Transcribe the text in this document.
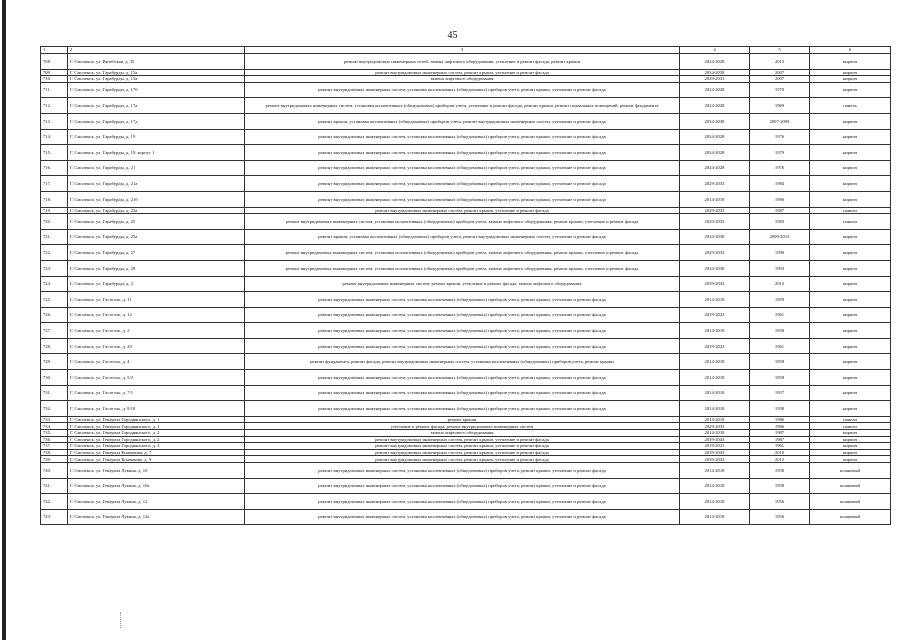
45
1	2	3	4	5	6
708.	Г. Смоленск, ул. Витебская, д. 35	ремонт внутридомовых инженерных сетей, замена лифтового оборудования, утепление и ремонт фасада, ремонт крыши	2024-2028	2013	кирпич
709.	Г. Смоленск, ул. Гарабурды, д. 15а	ремонт внутридомовых инженерных систем, ремонт крыши, утепление и ремонт фасада	2034-2038	2007	кирпич
710.	Г. Смоленск, ул. Гарабурды, д. 15а	замена лифтового оборудования	2029-2033	2007	кирпич
711.	Г. Смоленск, ул. Гарабурды, д. 17б	ремонт внутридомовых инженерных систем, установка коллективных (общедомовых) приборов учета, ремонт крыши, утепление и ремонт фасада	2024-2028	1970	кирпич
712.	Г. Смоленск, ул. Гарабурды, д. 17а	ремонт внутридомовых инженерных систем, установка коллективных (общедомовых) приборов учета, утепление и ремонт фасада, ремонт крыши, ремонт подвальных помещений, ремонт фундамента	2024-2028	1969	панель
713.	Г. Смоленск, ул. Гарабурды, д. 17д	ремонт крыши, установка коллективных (общедомовых) приборов учета, ремонт внутридомовых инженерных систем, утепление и ремонт фасада	2034-2038	2007-2009	кирпич
714.	Г. Смоленск, ул. Гарабурды, д. 19	ремонт внутридомовых инженерных систем, установка коллективных (общедомовых) приборов учета, ремонт крыши, утепление и ремонт фасада	2024-2028	1976	кирпич
715.	Г. Смоленск, ул. Гарабурды, д. 19, корпус 1	ремонт внутридомовых инженерных систем, установка коллективных (общедомовых) приборов учета, ремонт крыши, утепление и ремонт фасада	2024-2028	1979	кирпич
716.	Г. Смоленск, ул. Гарабурды, д. 21	ремонт внутридомовых инженерных систем, установка коллективных (общедомовых) приборов учета, ремонт крыши, утепление и ремонт фасада	2024-2028	1976	кирпич
717.	Г. Смоленск, ул. Гарабурды, д. 21а	ремонт внутридомовых инженерных систем, установка коллективных (общедомовых) приборов учета, ремонт крыши, утепление и ремонт фасада	2029-2033	1984	кирпич
718.	Г. Смоленск, ул. Гарабурды, д. 21б	ремонт внутридомовых инженерных систем, установка коллективных (общедомовых) приборов учета, ремонт крыши, утепление и ремонт фасада	2014-2018	1986	кирпич
719.	Г. Смоленск, ул. Гарабурды, д. 23а	ремонт внутридомовых инженерных систем, ремонт крыши, утепление и ремонт фасада	2029-2033	1987	панели
720.	Г. Смоленск, ул. Гарабурды, д. 25	ремонт внутридомовых инженерных систем, установка коллективных (общедомовых) приборов учета, замена лифтового оборудования, ремонт крыши, утепление и ремонт фасада	2029-2033	1983	панели
721.	Г. Смоленск, ул. Гарабурды, д. 25а	ремонт крыши, установка коллективных (общедомовых) приборов учета, ремонт внутридомовых инженерных систем, утепление и ремонт фасада	2034-2038	2009-2013	кирпич
722.	Г. Смоленск, ул. Гарабурды, д. 27	ремонт внутридомовых инженерных систем, установка коллективных (общедомовых) приборов учета, замена лифтового оборудования, ремонт крыши, утепление и ремонт фасада	2029-2033	1990	кирпич
723.	Г. Смоленск, ул. Гарабурды, д. 29	ремонт внутридомовых инженерных систем, установка коллективных (общедомовых) приборов учета, замена лифтового оборудования, ремонт крыши, утепление и ремонт фасада	2034-2038	1993	кирпич
724.	Г. Смоленск, ул. Гарабурды, д. 3	ремонт внутридомовых инженерных систем, ремонт крыши, утепление и ремонт фасада, замена лифтового оборудования	2039-2043	2013	кирпич
725.	Г. Смоленск, ул. Гастелло, д. 11	ремонт внутридомовых инженерных систем, установка коллективных (общедомовых) приборов учета, ремонт крыши, утепление и ремонт фасада	2014-2018	1959	кирпич
726.	Г. Смоленск, ул. Гастелло, д. 12	ремонт внутридомовых инженерных систем, установка коллективных (общедомовых) приборов учета, ремонт крыши, утепление и ремонт фасада	2019-2023	1961	кирпич
727.	Г. Смоленск, ул. Гастелло, д. 2	ремонт внутридомовых инженерных систем, установка коллективных (общедомовых) приборов учета, ремонт крыши, утепление и ремонт фасада	2014-2018	1958	кирпич
728.	Г. Смоленск, ул. Гастелло, д. 20	ремонт внутридомовых инженерных систем, установка коллективных (общедомовых) приборов учета, ремонт крыши, утепление и ремонт фасада	2019-2023	1961	кирпич
729.	Г. Смоленск, ул. Гастелло, д. 4	ремонт фундамента, ремонт фасада, ремонт внутридомовых инженерных систем, установка коллективных (общедомовых) приборов учета, ремонт крыши	2014-2018	1958	кирпич
730.	Г. Смоленск, ул. Гастелло, д. 5/2	ремонт внутридомовых инженерных систем, установка коллективных (общедомовых) приборов учета, ремонт крыши, утепление и ремонт фасада	2014-2018	1958	кирпич
731.	Г. Смоленск, ул. Гастелло, д. 7/1	ремонт внутридомовых инженерных систем, установка коллективных (общедомовых) приборов учета, ремонт крыши, утепление и ремонт фасада	2014-2018	1957	кирпич
732.	Г. Смоленск, ул. Гастелло, д. 9/10	ремонт внутридомовых инженерных систем, установка коллективных (общедомовых) приборов учета, ремонт крыши, утепление и ремонт фасада	2014-2018	1958	кирпич
733.	Г. Смоленск, ул. Генерала Городнянского, д. 1	ремонт крыши	2014-2018	1986	панели
734.	Г. Смоленск, ул. Генерала Городнянского, д. 1	утепление и ремонт фасада, ремонт внутридомовых инженерных систем	2029-2033	1986	панели
735.	Г. Смоленск, ул. Генерала Городнянского, д. 2	замена лифтового оборудования	2014-2018	1987	кирпич
736.	Г. Смоленск, ул. Генерала Городнянского, д. 2	ремонт внутридомовых инженерных систем, ремонт крыши, утепление и ремонт фасада	2039-2043	1987	кирпич
737.	Г. Смоленск, ул. Генерала Городнянского, д. 3	ремонт внутридомовых инженерных систем, ремонт крыши, утепление и ремонт фасада	2019-2023	1961	кирпич
738.	Г. Смоленск, ул. Генерала Коненкова, д. 7	ремонт внутридомовых инженерных систем, ремонт крыши, утепление и ремонт фасада	2039-2043	2010	кирпич
739.	Г. Смоленск, ул. Генерала Коненкова, д. 9	ремонт внутридомовых инженерных систем, ремонт крыши, утепление и ремонт фасада	2039-2043	2012	кирпич
740.	Г. Смоленск, ул. Генерала Лукина, д. 10	ремонт внутридомовых инженерных систем, установка коллективных (общедомовых) приборов учета, ремонт крыши, утепление и ремонт фасада	2014-2018	1958	шлаковый
741.	Г. Смоленск, ул. Генерала Лукина, д. 10а	ремонт внутридомовых инженерных систем, установка коллективных (общедомовых) приборов учета, ремонт крыши, утепление и ремонт фасада	2014-2018	1958	шлаковый
742.	Г. Смоленск, ул. Генерала Лукина, д. 12	ремонт внутридомовых инженерных систем, установка коллективных (общедомовых) приборов учета, ремонт крыши, утепление и ремонт фасада	2014-2018	1956	шлаковый
743.	Г. Смоленск, ул. Генерала Лукина, д. 12а	ремонт внутридомовых инженерных систем, установка коллективных (общедомовых) приборов учета, ремонт крыши, утепление и ремонт фасада	2014-2018	1956	шлаковый
